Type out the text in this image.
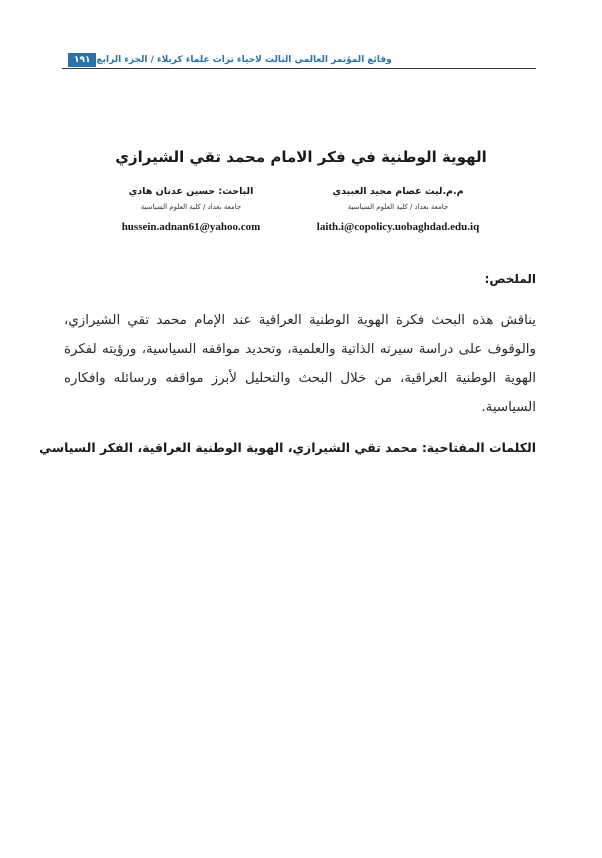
١٩١ وقائع المؤتمر العالمي الثالث لاحياء تراث علماء كربلاء / الجزء الرابع
الهوية الوطنية في فكر الامام محمد تقي الشيرازي
م.م.ليث عصام مجيد العبيدي
جامعة بغداد / كلية العلوم السياسية
laith.i@copolicy.uobaghdad.edu.iq
الباحث: حسين عدنان هادي
جامعة بغداد / كلية العلوم السياسية
hussein.adnan61@yahoo.com
الملخص:
يناقش هذه البحث فكرة الهوية الوطنية العراقية عند الإمام محمد تقي الشيرازي، والوقوف على دراسة سيرته الذاتية والعلمية، وتحديد مواقفه السياسية، ورؤيته لفكرة الهوية الوطنية العراقية، من خلال البحث والتحليل لأبرز مواقفه ورسائله وافكاره السياسية.
الكلمات المفتاحية: محمد تقي الشيرازي، الهوية الوطنية العراقية، الفكر السياسي
